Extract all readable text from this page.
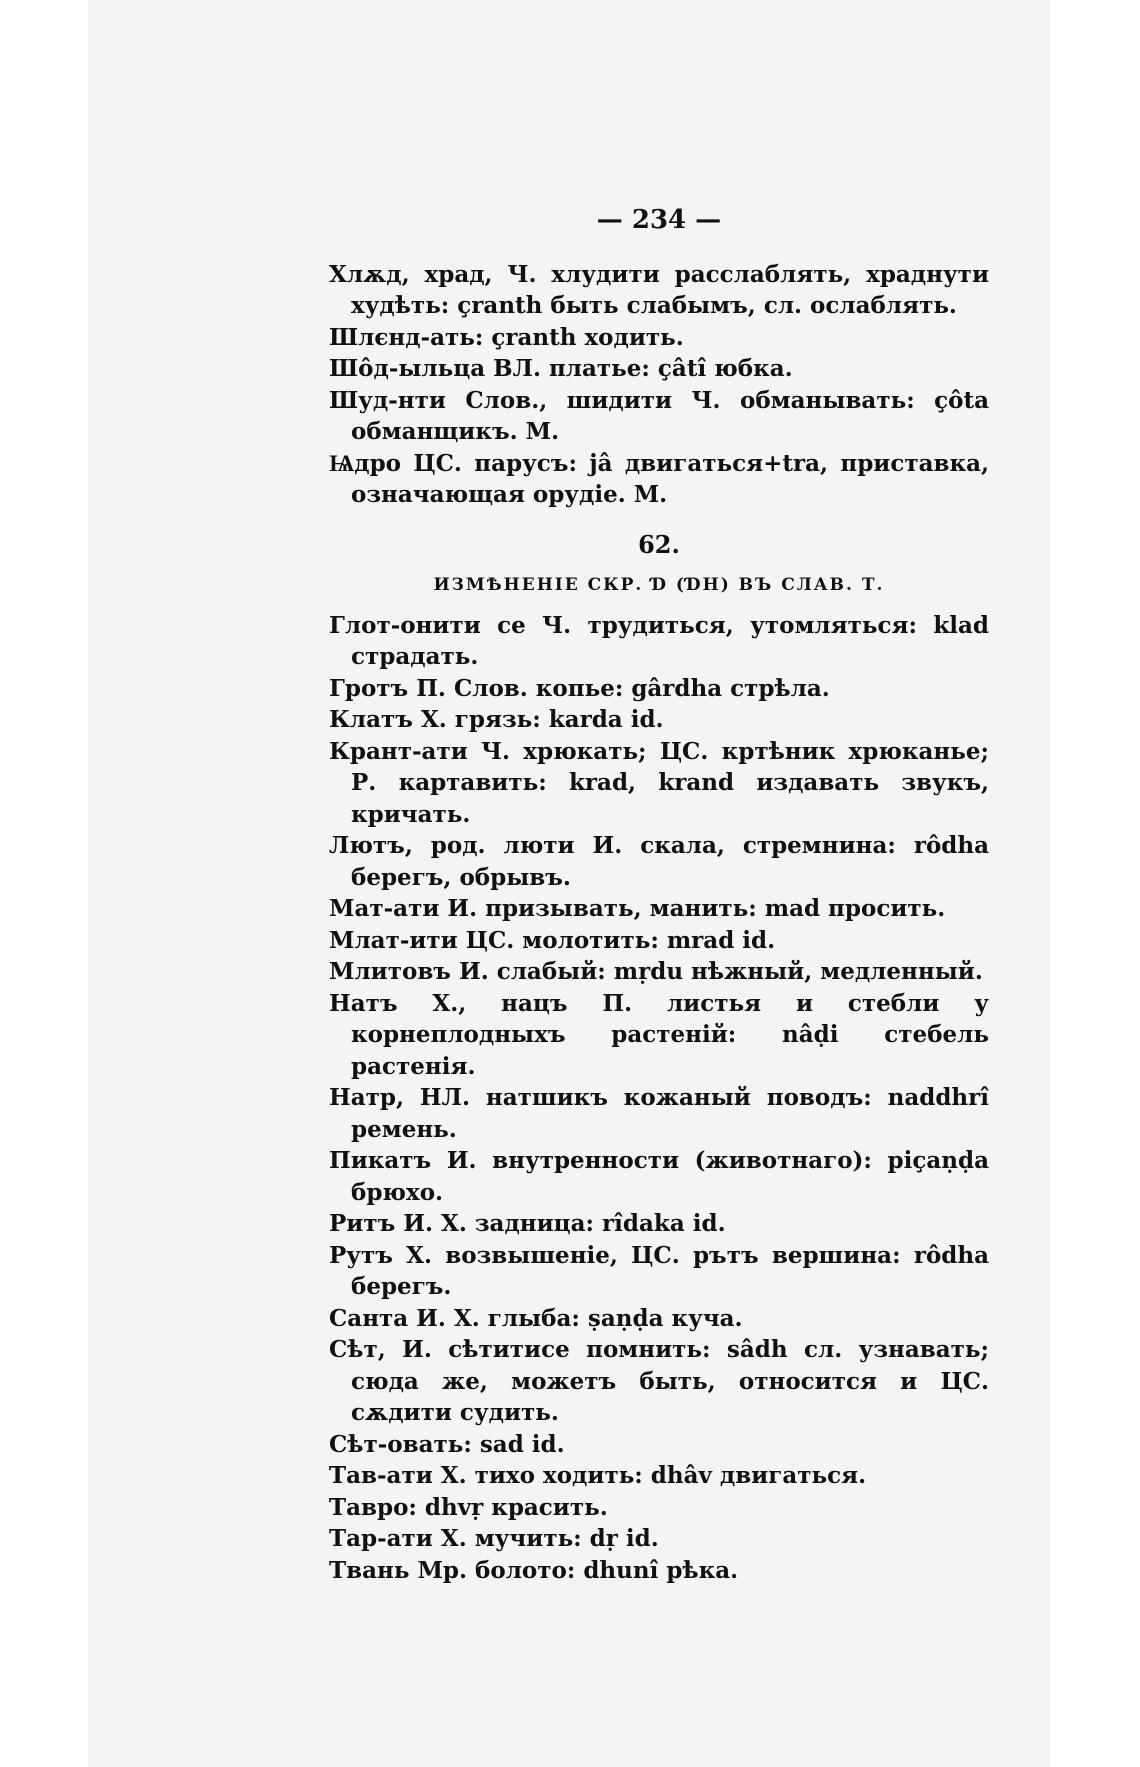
— 234 —

Хлѫд, хрaд, Ч. хлудити расслаблять, храднути худѣть: çranth быть слабымъ, сл. ослаблять.

Шлєнд-ать: çranth ходить.

Шо̂д-ыльца ВЛ. платье: çâtî юбка.

Шуд-нти Слов., шидити Ч. обманывать: çôta обманщикъ. М.

Ѩдро ЦС. парусъ: jâ двигаться+tra, приставка, означающая орудіе. М.

62.
ИЗМѢНЕНІЕ СКР. Ɗ (ƊH) ВЪ СЛАВ. Т.

Глот-онити се Ч. трудиться, утомляться: klad страдать.

Гротъ П. Слов. копье: gârdha стрѣла.

Клатъ Х. грязь: karda id.

Крант-ати Ч. хрюкать; ЦС. кртѣник хрюканье; Р. картавить: krad, krand издавать звукъ, кричать.

Лютъ, род. люти И. скала, стремнина: rôdha берегъ, обрывъ.

Мат-ати И. призывать, манить: mad просить.

Млат-ити ЦС. молотить: mrad id.

Млитовъ И. слабый: mṛdu нѣжный, медленный.

Натъ Х., нацъ П. листья и стебли у корнеплодныхъ растеній: nâḍi стебель растенія.

Натр, НЛ. натшикъ кожаный поводъ: naddhrî ремень.

Пикатъ И. внутренности (животнаго): piçaṇḍa брюхо.

Ритъ И. Х. задница: rîdaka id.

Рутъ Х. возвышеніе, ЦС. рътъ вершина: rôdha берегъ.

Санта И. Х. глыба: ṣaṇḍa куча.

Сѣт, И. сѣтитисе помнить: sâdh сл. узнавать; сюда же, можетъ быть, относится и ЦС. сѫдити судить.

Сѣт-овать: sad id.

Тав-ати Х. тихо ходить: dhâv двигаться.

Тавро: dhvṛ красить.

Тар-ати Х. мучить: dṛ id.

Твань Мр. болото: dhunî рѣка.
